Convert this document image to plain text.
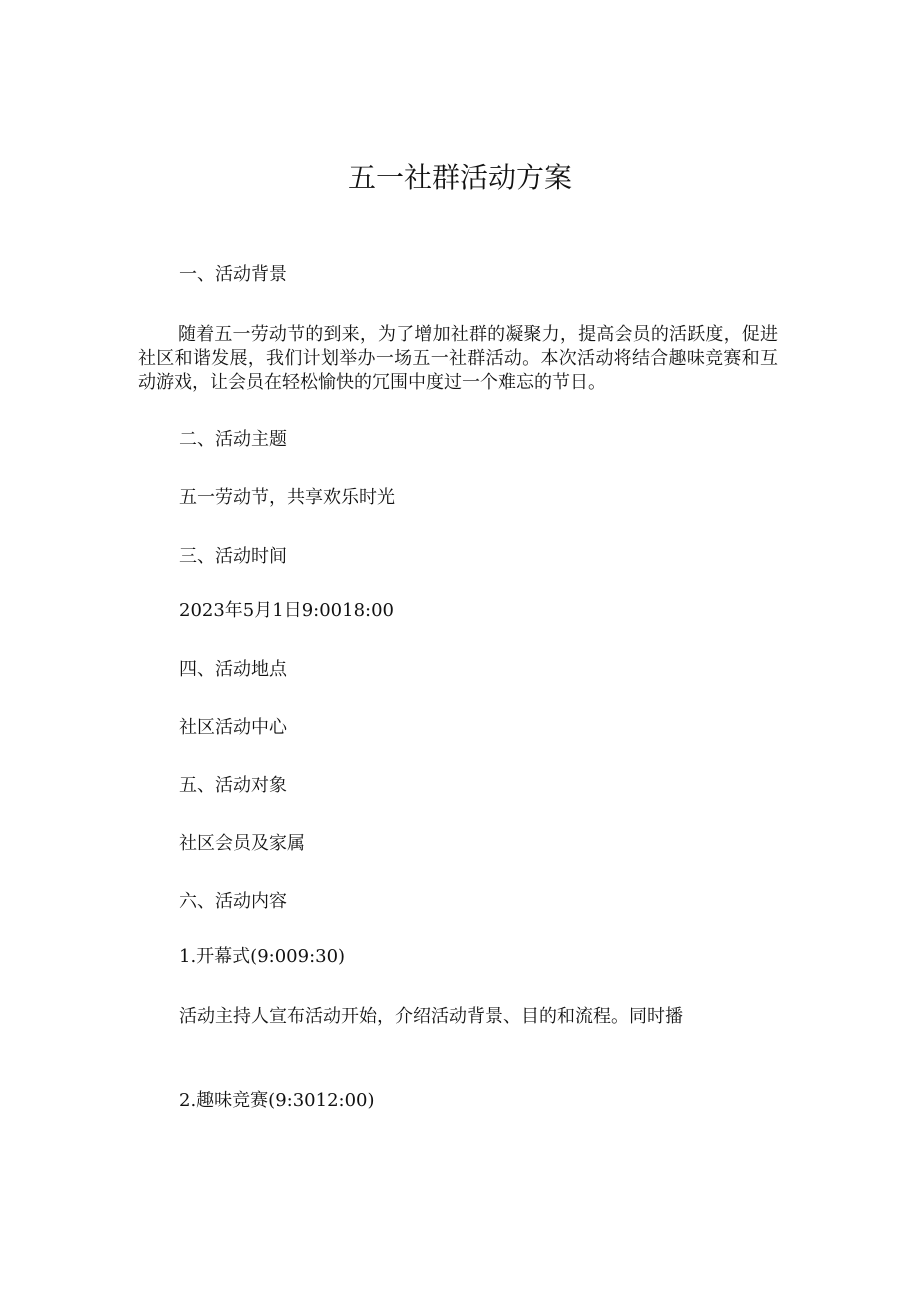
五一社群活动方案
一、活动背景
随着五一劳动节的到来，为了增加社群的凝聚力，提高会员的活跃度，促进社区和谐发展，我们计划举办一场五一社群活动。本次活动将结合趣味竞赛和互动游戏，让会员在轻松愉快的冗围中度过一个难忘的节日。
二、活动主题
五一劳动节，共享欢乐时光
三、活动时间
2023年5月1日9:0018:00
四、活动地点
社区活动中心
五、活动对象
社区会员及家属
六、活动内容
1.开幕式(9:009:30)
活动主持人宣布活动开始，介绍活动背景、目的和流程。同时播
2.趣味竞赛(9:3012:00)
